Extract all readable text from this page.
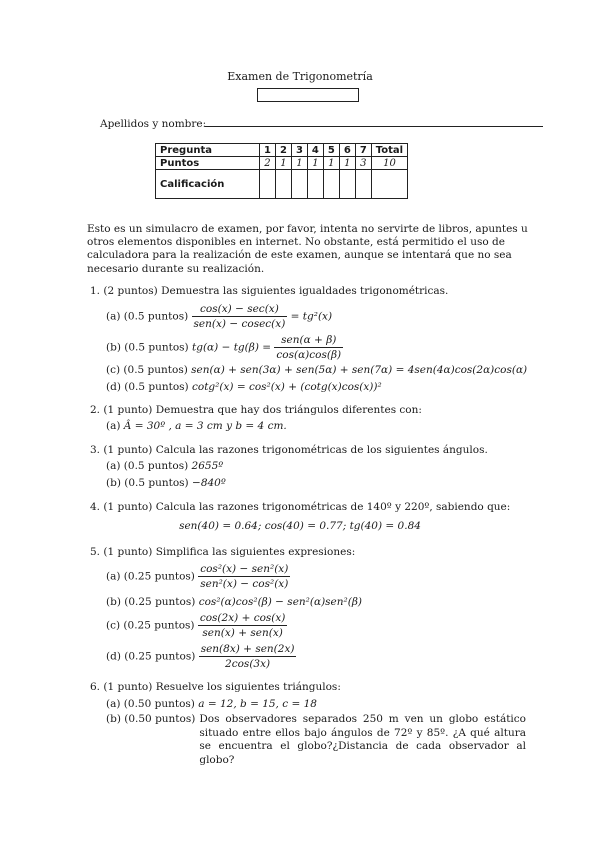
Examen de Trigonometría
Apellidos y nombre:
Pregunta	1	2	3	4	5	6	7	Total
Puntos	2	1	1	1	1	1	3	10
Calificación								
Esto es un simulacro de examen, por favor, intenta no servirte de libros, apuntes u otros elementos disponibles en internet. No obstante, está permitido el uso de calculadora para la realización de este examen, aunque se intentará que no sea necesario durante su realización.
1. (2 puntos) Demuestra las siguientes igualdades trigonométricas.
(a) (0.5 puntos) $\frac{\cos(x) - \sec(x)}{\text{sen(x) − cosec(x)}} = tg^2(x)$
(b) (0.5 puntos) $tg(\alpha) - tg(\beta) = \frac{\text{sen(α + β)}}{\cos(\alpha)\cos(\beta)}$
(c) (0.5 puntos) sen(α) + sen(3α) + sen(5α) + sen(7α) = 4sen(4α)cos(2α)cos(α)
(d) (0.5 puntos) cotg²(x) = cos²(x) + (cotg(x)cos(x))²
2. (1 punto) Demuestra que hay dos triángulos diferentes con:
(a) Â = 30º , a = 3 cm y b = 4 cm.
3. (1 punto) Calcula las razones trigonométricas de los siguientes ángulos.
(a) (0.5 puntos) 2655º
(b) (0.5 puntos) −840º
4. (1 punto) Calcula las razones trigonométricas de 140º y 220º, sabiendo que:
sen(40) = 0.64; cos(40) = 0.77; tg(40) = 0.84
5. (1 punto) Simplifica las siguientes expresiones:
(a) (0.25 puntos) $\frac{\text{cos²(x) − sen²(x)}}{\text{sen²(x) − cos²(x)}}$
(b) (0.25 puntos) cos²(α)cos²(β) − sen²(α)sen²(β)
(c) (0.25 puntos) $\frac{\cos(2x) + \cos(x)}{\text{sen(x) + sen(x)}}$
(d) (0.25 puntos) $\frac{\text{sen(8x) + sen(2x)}}{2\cos(3x)}$
6. (1 punto) Resuelve los siguientes triángulos:
(a) (0.50 puntos) a = 12, b = 15, c = 18
(b) (0.50 puntos) Dos observadores separados 250 m ven un globo estático situado entre ellos bajo ángulos de 72º y 85º. ¿A qué altura se encuentra el globo?¿Distancia de cada observador al globo?
